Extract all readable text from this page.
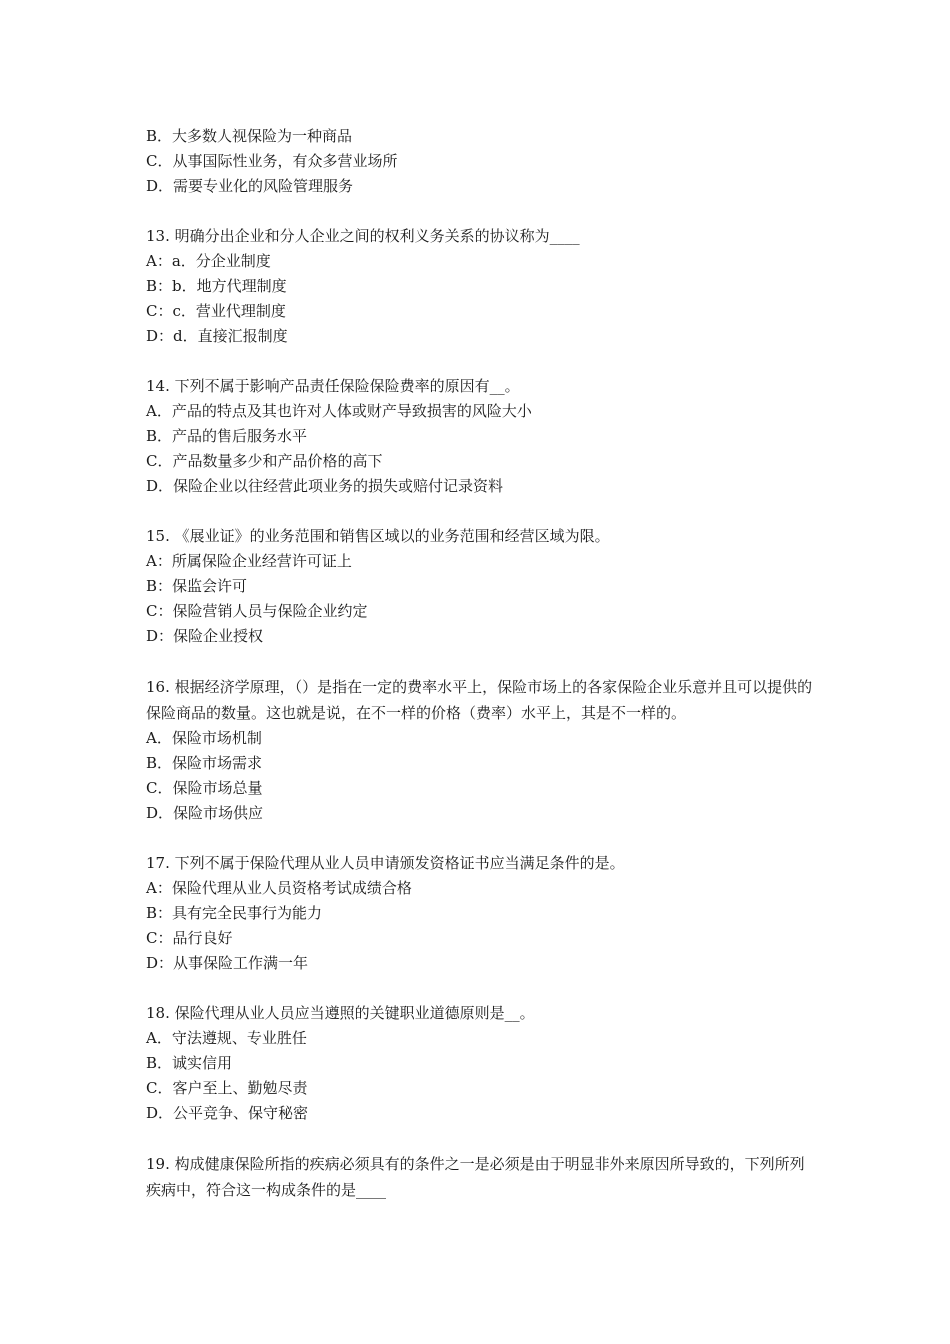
B．大多数人视保险为一种商品
C．从事国际性业务，有众多营业场所
D．需要专业化的风险管理服务
13. 明确分出企业和分人企业之间的权利义务关系的协议称为____
A：a．分企业制度
B：b．地方代理制度
C：c．营业代理制度
D：d．直接汇报制度
14. 下列不属于影响产品责任保险保险费率的原因有__。
A．产品的特点及其也许对人体或财产导致损害的风险大小
B．产品的售后服务水平
C．产品数量多少和产品价格的高下
D．保险企业以往经营此项业务的损失或赔付记录资料
15. 《展业证》的业务范围和销售区域以的业务范围和经营区域为限。
A：所属保险企业经营许可证上
B：保监会许可
C：保险营销人员与保险企业约定
D：保险企业授权
16. 根据经济学原理，（）是指在一定的费率水平上，保险市场上的各家保险企业乐意并且可以提供的保险商品的数量。这也就是说，在不一样的价格（费率）水平上，其是不一样的。
A．保险市场机制
B．保险市场需求
C．保险市场总量
D．保险市场供应
17. 下列不属于保险代理从业人员申请颁发资格证书应当满足条件的是。
A：保险代理从业人员资格考试成绩合格
B：具有完全民事行为能力
C：品行良好
D：从事保险工作满一年
18. 保险代理从业人员应当遵照的关键职业道德原则是__。
A．守法遵规、专业胜任
B．诚实信用
C．客户至上、勤勉尽责
D．公平竞争、保守秘密
19. 构成健康保险所指的疾病必须具有的条件之一是必须是由于明显非外来原因所导致的，下列所列疾病中，符合这一构成条件的是____
